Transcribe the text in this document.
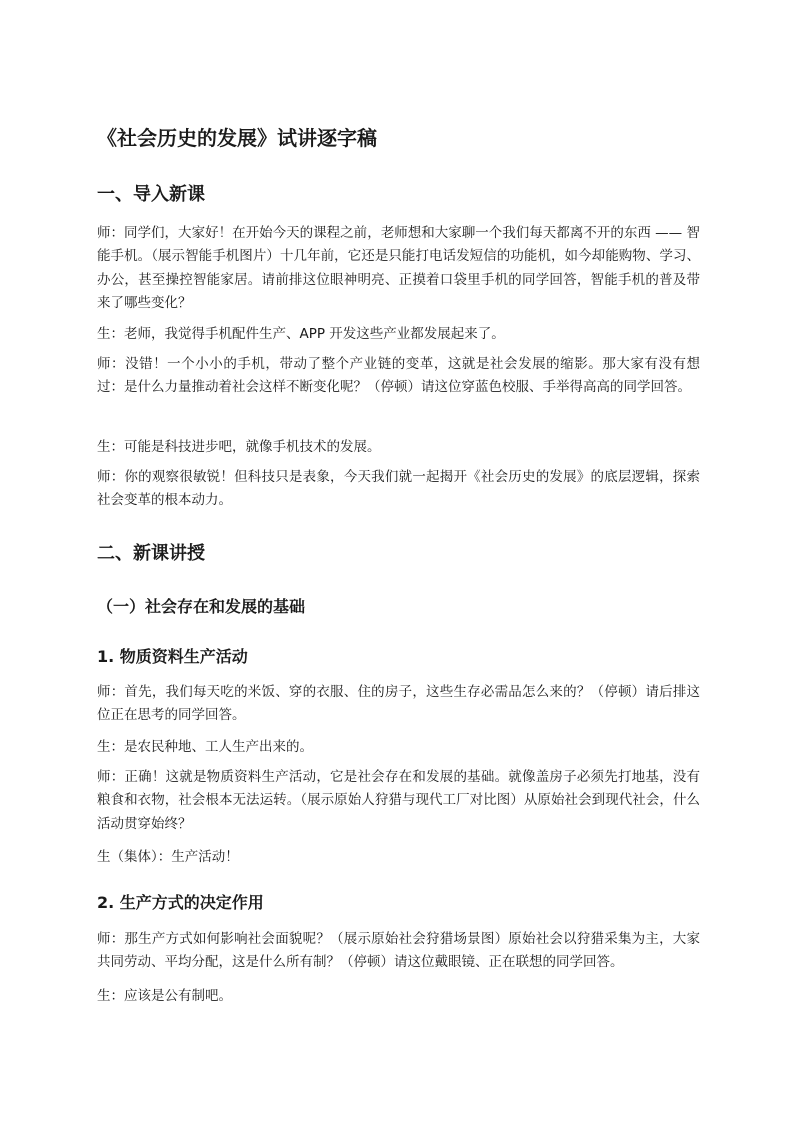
《社会历史的发展》试讲逐字稿
一、导入新课

师：同学们，大家好！在开始今天的课程之前，老师想和大家聊一个我们每天都离不开的东西 —— 智能手机。（展示智能手机图片）十几年前，它还是只能打电话发短信的功能机，如今却能购物、学习、办公，甚至操控智能家居。请前排这位眼神明亮、正摸着口袋里手机的同学回答，智能手机的普及带来了哪些变化？

生：老师，我觉得手机配件生产、APP 开发这些产业都发展起来了。

师：没错！一个小小的手机，带动了整个产业链的变革，这就是社会发展的缩影。那大家有没有想过：是什么力量推动着社会这样不断变化呢？（停顿）请这位穿蓝色校服、手举得高高的同学回答。

生：可能是科技进步吧，就像手机技术的发展。

师：你的观察很敏锐！但科技只是表象，今天我们就一起揭开《社会历史的发展》的底层逻辑，探索社会变革的根本动力。

二、新课讲授
（一）社会存在和发展的基础
1. 物质资料生产活动

师：首先，我们每天吃的米饭、穿的衣服、住的房子，这些生存必需品怎么来的？（停顿）请后排这位正在思考的同学回答。

生：是农民种地、工人生产出来的。

师：正确！这就是物质资料生产活动，它是社会存在和发展的基础。就像盖房子必须先打地基，没有粮食和衣物，社会根本无法运转。（展示原始人狩猎与现代工厂对比图）从原始社会到现代社会，什么活动贯穿始终？

生（集体）：生产活动！

2. 生产方式的决定作用

师：那生产方式如何影响社会面貌呢？（展示原始社会狩猎场景图）原始社会以狩猎采集为主，大家共同劳动、平均分配，这是什么所有制？（停顿）请这位戴眼镜、正在联想的同学回答。

生：应该是公有制吧。
